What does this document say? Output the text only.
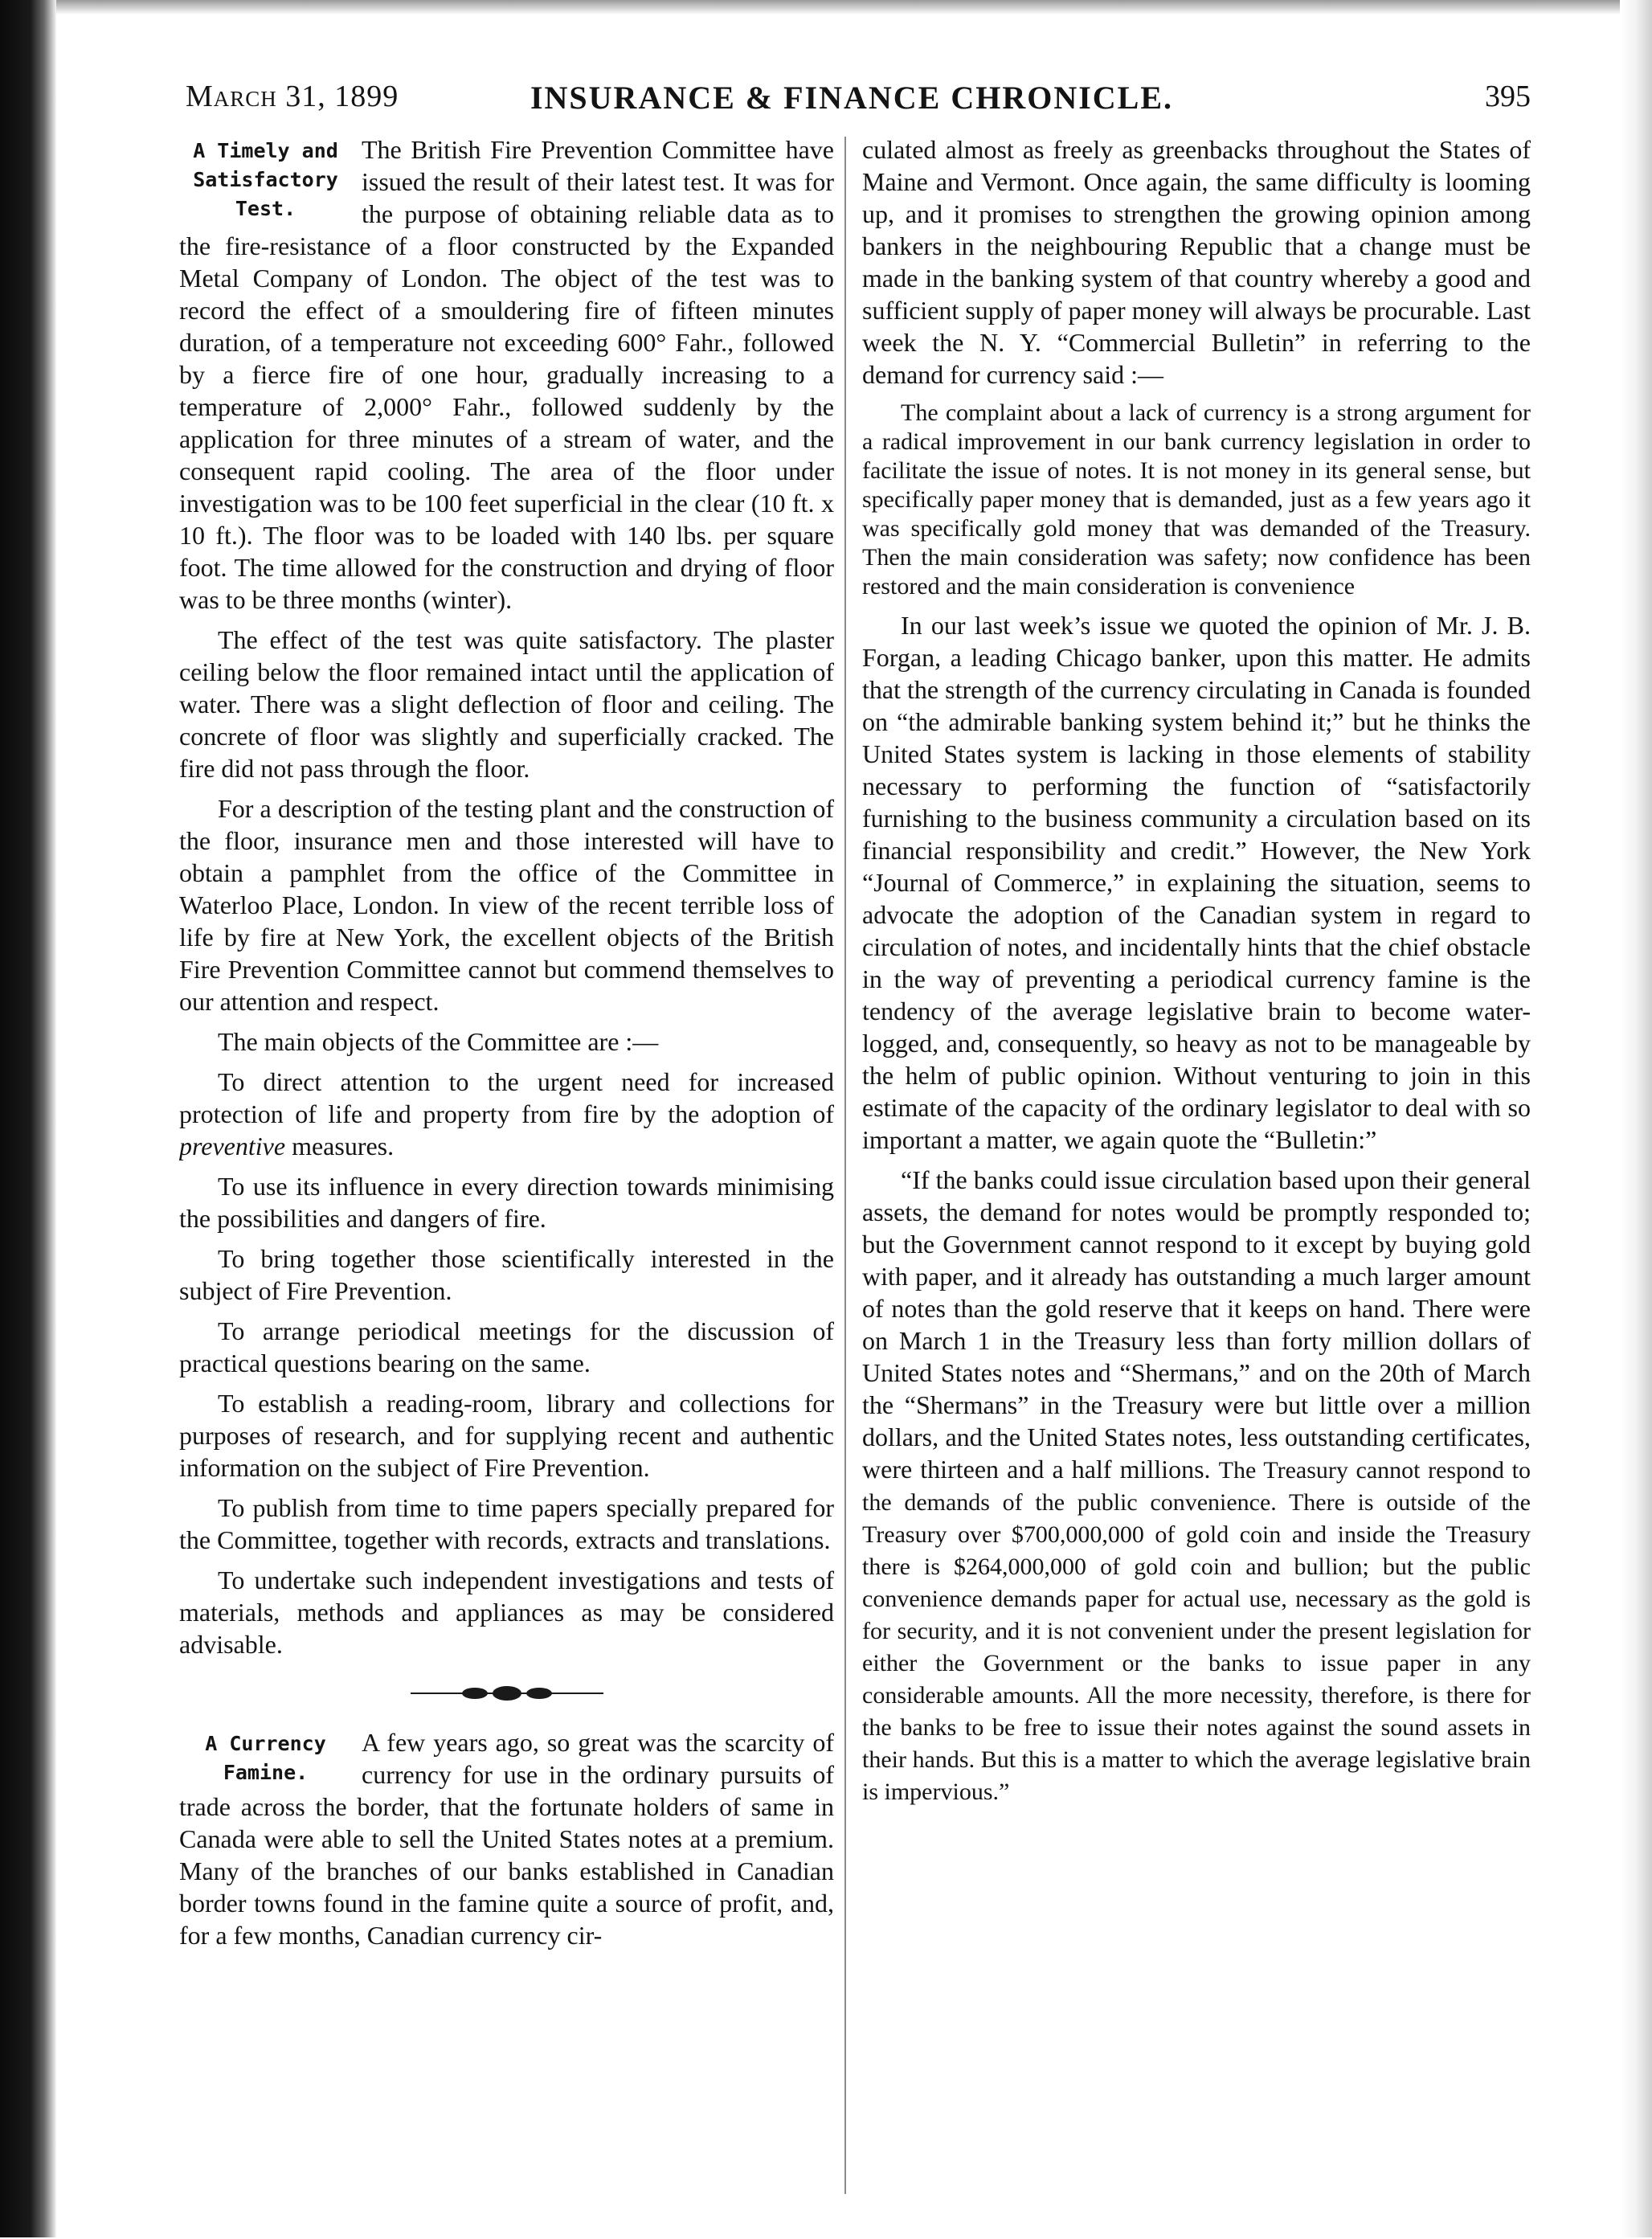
March 31, 1899	INSURANCE & FINANCE CHRONICLE.	395
A Timely and
Satisfactory
Test.

The British Fire Prevention Committee have issued the result of their latest test. It was for the purpose of obtaining reliable data as to the fire-resistance of a floor constructed by the Expanded Metal Company of London. The object of the test was to record the effect of a smouldering fire of fifteen minutes duration, of a temperature not exceeding 600° Fahr., followed by a fierce fire of one hour, gradually increasing to a temperature of 2,000° Fahr., followed suddenly by the application for three minutes of a stream of water, and the consequent rapid cooling. The area of the floor under investigation was to be 100 feet superficial in the clear (10 ft. x 10 ft.). The floor was to be loaded with 140 lbs. per square foot. The time allowed for the construction and drying of floor was to be three months (winter).

The effect of the test was quite satisfactory. The plaster ceiling below the floor remained intact until the application of water. There was a slight deflection of floor and ceiling. The concrete of floor was slightly and superficially cracked. The fire did not pass through the floor.

For a description of the testing plant and the construction of the floor, insurance men and those interested will have to obtain a pamphlet from the office of the Committee in Waterloo Place, London. In view of the recent terrible loss of life by fire at New York, the excellent objects of the British Fire Prevention Committee cannot but commend themselves to our attention and respect.

The main objects of the Committee are :—

To direct attention to the urgent need for increased protection of life and property from fire by the adoption of preventive measures.

To use its influence in every direction towards minimising the possibilities and dangers of fire.

To bring together those scientifically interested in the subject of Fire Prevention.

To arrange periodical meetings for the discussion of practical questions bearing on the same.

To establish a reading-room, library and collections for purposes of research, and for supplying recent and authentic information on the subject of Fire Prevention.

To publish from time to time papers specially prepared for the Committee, together with records, extracts and translations.

To undertake such independent investigations and tests of materials, methods and appliances as may be considered advisable.

A Currency
Famine.

A few years ago, so great was the scarcity of currency for use in the ordinary pursuits of trade across the border, that the fortunate holders of same in Canada were able to sell the United States notes at a premium. Many of the branches of our banks established in Canadian border towns found in the famine quite a source of profit, and, for a few months, Canadian currency cir-

culated almost as freely as greenbacks throughout the States of Maine and Vermont. Once again, the same difficulty is looming up, and it promises to strengthen the growing opinion among bankers in the neighbouring Republic that a change must be made in the banking system of that country whereby a good and sufficient supply of paper money will always be procurable. Last week the N. Y. “Commercial Bulletin” in referring to the demand for currency said :—

The complaint about a lack of currency is a strong argument for a radical improvement in our bank currency legislation in order to facilitate the issue of notes. It is not money in its general sense, but specifically paper money that is demanded, just as a few years ago it was specifically gold money that was demanded of the Treasury. Then the main consideration was safety; now confidence has been restored and the main consideration is convenience

In our last week’s issue we quoted the opinion of Mr. J. B. Forgan, a leading Chicago banker, upon this matter. He admits that the strength of the currency circulating in Canada is founded on “the admirable banking system behind it;” but he thinks the United States system is lacking in those elements of stability necessary to performing the function of “satisfactorily furnishing to the business community a circulation based on its financial responsibility and credit.” However, the New York “Journal of Commerce,” in explaining the situation, seems to advocate the adoption of the Canadian system in regard to circulation of notes, and incidentally hints that the chief obstacle in the way of preventing a periodical currency famine is the tendency of the average legislative brain to become water-logged, and, consequently, so heavy as not to be manageable by the helm of public opinion. Without venturing to join in this estimate of the capacity of the ordinary legislator to deal with so important a matter, we again quote the “Bulletin:”

“If the banks could issue circulation based upon their general assets, the demand for notes would be promptly responded to; but the Government cannot respond to it except by buying gold with paper, and it already has outstanding a much larger amount of notes than the gold reserve that it keeps on hand. There were on March 1 in the Treasury less than forty million dollars of United States notes and “Shermans,” and on the 20th of March the “Shermans” in the Treasury were but little over a million dollars, and the United States notes, less outstanding certificates, were thirteen and a half millions. The Treasury cannot respond to the demands of the public convenience. There is outside of the Treasury over $700,000,000 of gold coin and inside the Treasury there is $264,000,000 of gold coin and bullion; but the public convenience demands paper for actual use, necessary as the gold is for security, and it is not convenient under the present legislation for either the Government or the banks to issue paper in any considerable amounts. All the more necessity, therefore, is there for the banks to be free to issue their notes against the sound assets in their hands. But this is a matter to which the average legislative brain is impervious.”
